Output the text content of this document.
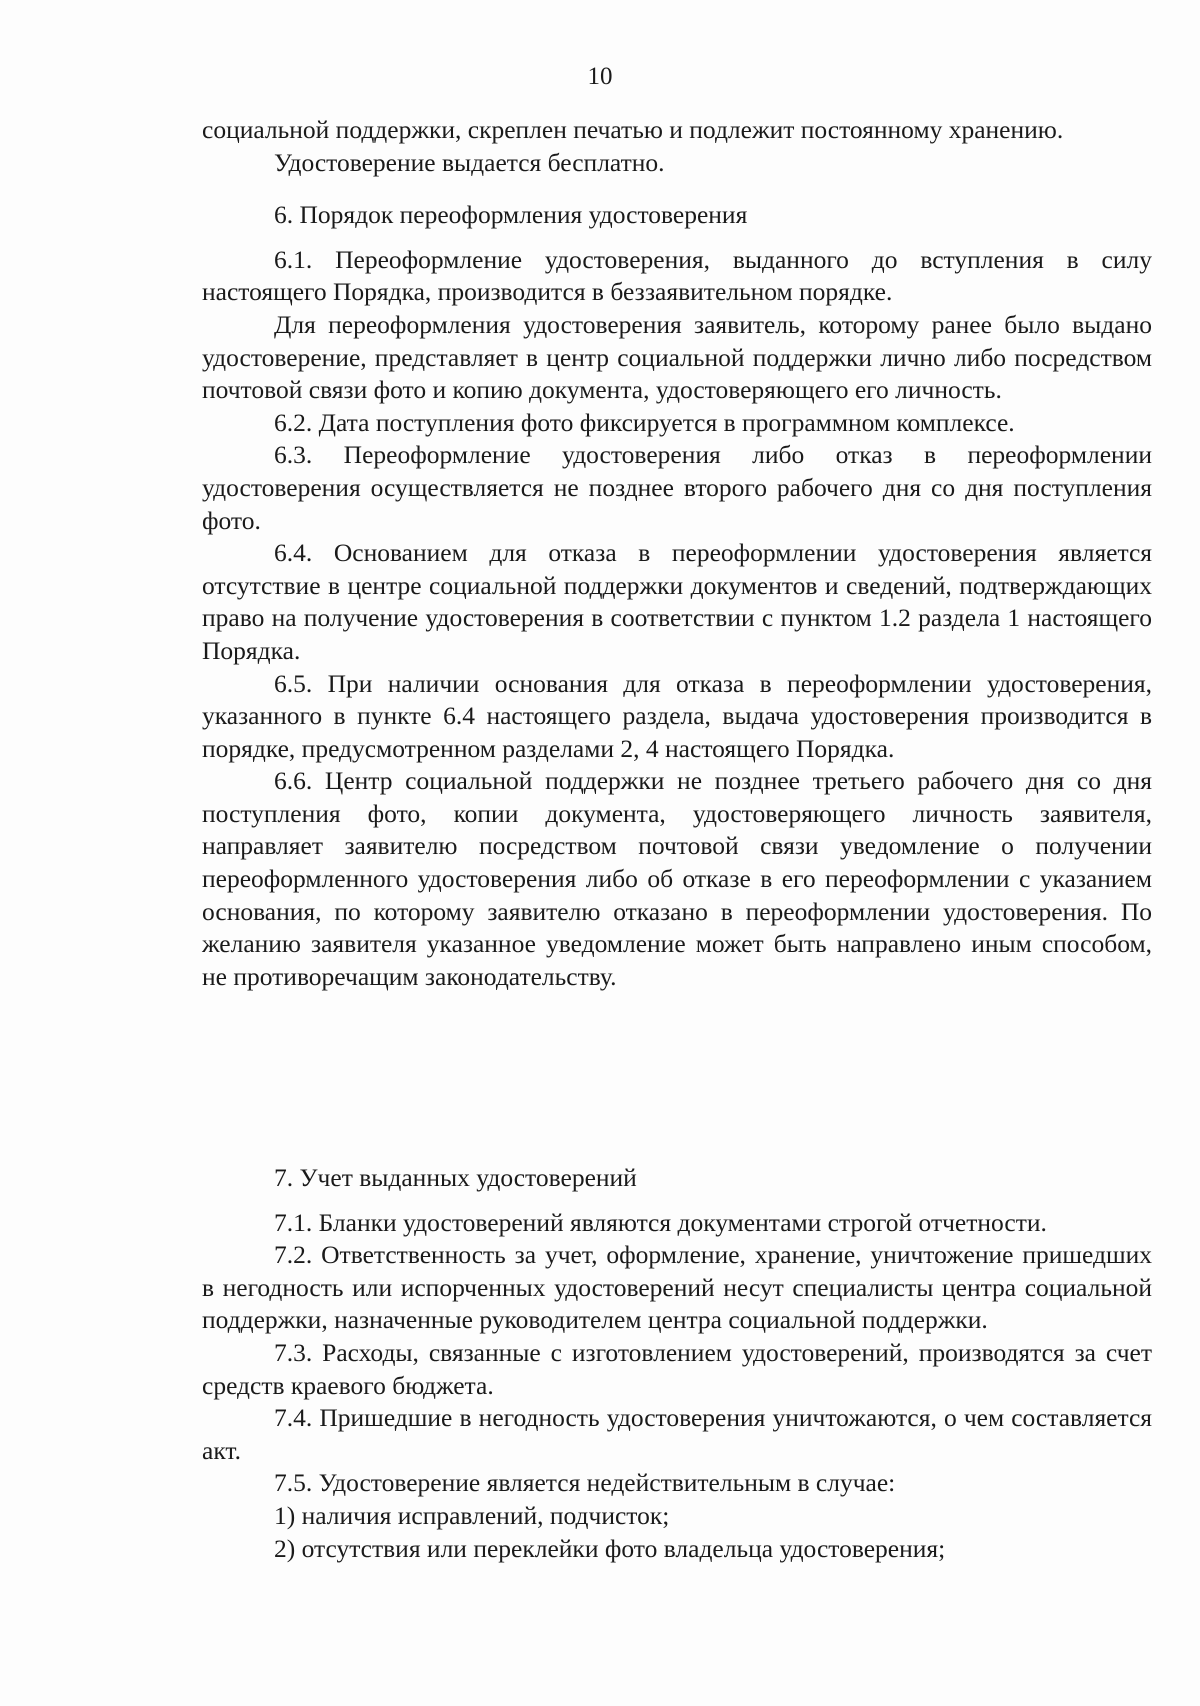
10

социальной поддержки, скреплен печатью и подлежит постоянному хранению.

Удостоверение выдается бесплатно.

6. Порядок переоформления удостоверения

6.1. Переоформление удостоверения, выданного до вступления в силу настоящего Порядка, производится в беззаявительном порядке.

Для переоформления удостоверения заявитель, которому ранее было выдано удостоверение, представляет в центр социальной поддержки лично либо посредством почтовой связи фото и копию документа, удостоверяющего его личность.

6.2. Дата поступления фото фиксируется в программном комплексе.

6.3. Переоформление удостоверения либо отказ в переоформлении удостоверения осуществляется не позднее второго рабочего дня со дня поступления фото.

6.4. Основанием для отказа в переоформлении удостоверения является отсутствие в центре социальной поддержки документов и сведений, подтверждающих право на получение удостоверения в соответствии с пунктом 1.2 раздела 1 настоящего Порядка.

6.5. При наличии основания для отказа в переоформлении удостоверения, указанного в пункте 6.4 настоящего раздела, выдача удостоверения производится в порядке, предусмотренном разделами 2, 4 настоящего Порядка.

6.6. Центр социальной поддержки не позднее третьего рабочего дня со дня поступления фото, копии документа, удостоверяющего личность заявителя, направляет заявителю посредством почтовой связи уведомление о получении переоформленного удостоверения либо об отказе в его переоформлении с указанием основания, по которому заявителю отказано в переоформлении удостоверения. По желанию заявителя указанное уведомление может быть направлено иным способом, не противоречащим законодательству.

7. Учет выданных удостоверений

7.1. Бланки удостоверений являются документами строгой отчетности.

7.2. Ответственность за учет, оформление, хранение, уничтожение пришедших в негодность или испорченных удостоверений несут специалисты центра социальной поддержки, назначенные руководителем центра социальной поддержки.

7.3. Расходы, связанные с изготовлением удостоверений, производятся за счет средств краевого бюджета.

7.4. Пришедшие в негодность удостоверения уничтожаются, о чем составляется акт.

7.5. Удостоверение является недействительным в случае:

1) наличия исправлений, подчисток;

2) отсутствия или переклейки фото владельца удостоверения;
